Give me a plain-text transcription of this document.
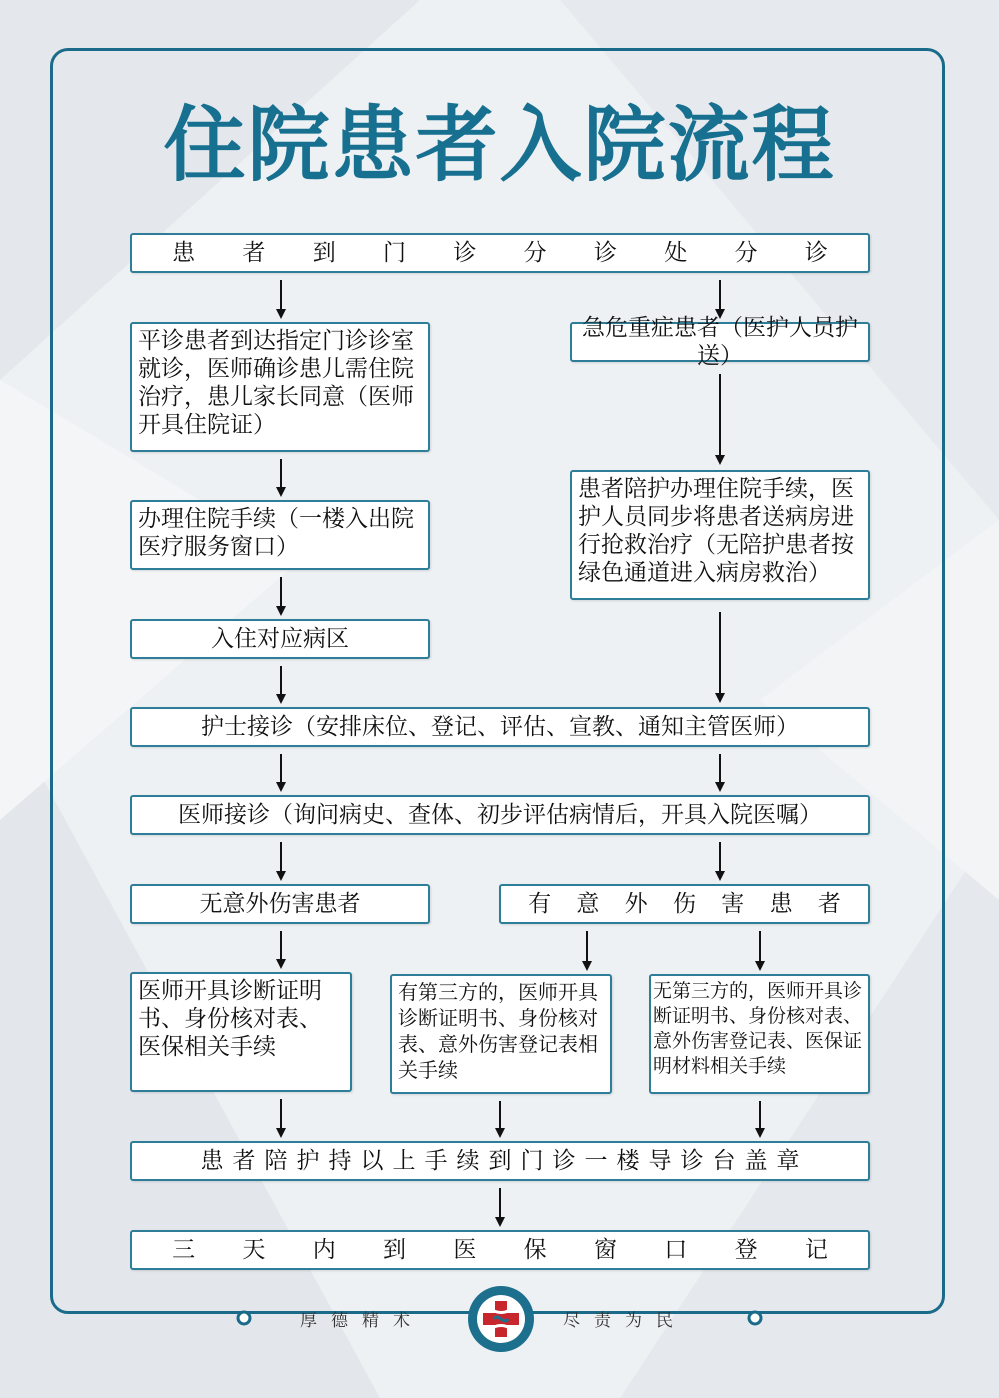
住院患者入院流程
患 者 到 门 诊 分 诊 处 分 诊
平诊患者到达指定门诊诊室就诊，医师确诊患儿需住院治疗，患儿家长同意（医师开具住院证）
办理住院手续（一楼入出院医疗服务窗口）
入住对应病区
急危重症患者（医护人员护送）
患者陪护办理住院手续，医护人员同步将患者送病房进行抢救治疗（无陪护患者按绿色通道进入病房救治）
护士接诊（安排床位、登记、评估、宣教、通知主管医师）
医师接诊（询问病史、查体、初步评估病情后，开具入院医嘱）
无意外伤害患者	有 意 外 伤 害 患 者
医师开具诊断证明书、身份核对表、医保相关手续
有第三方的，医师开具诊断证明书、身份核对表、意外伤害登记表相关手续
无第三方的，医师开具诊断证明书、身份核对表、意外伤害登记表、医保证明材料相关手续
患者陪护持以上手续到门诊一楼导诊台盖章
三 天 内 到 医 保 窗 口 登 记
厚德精术	尽责为民
